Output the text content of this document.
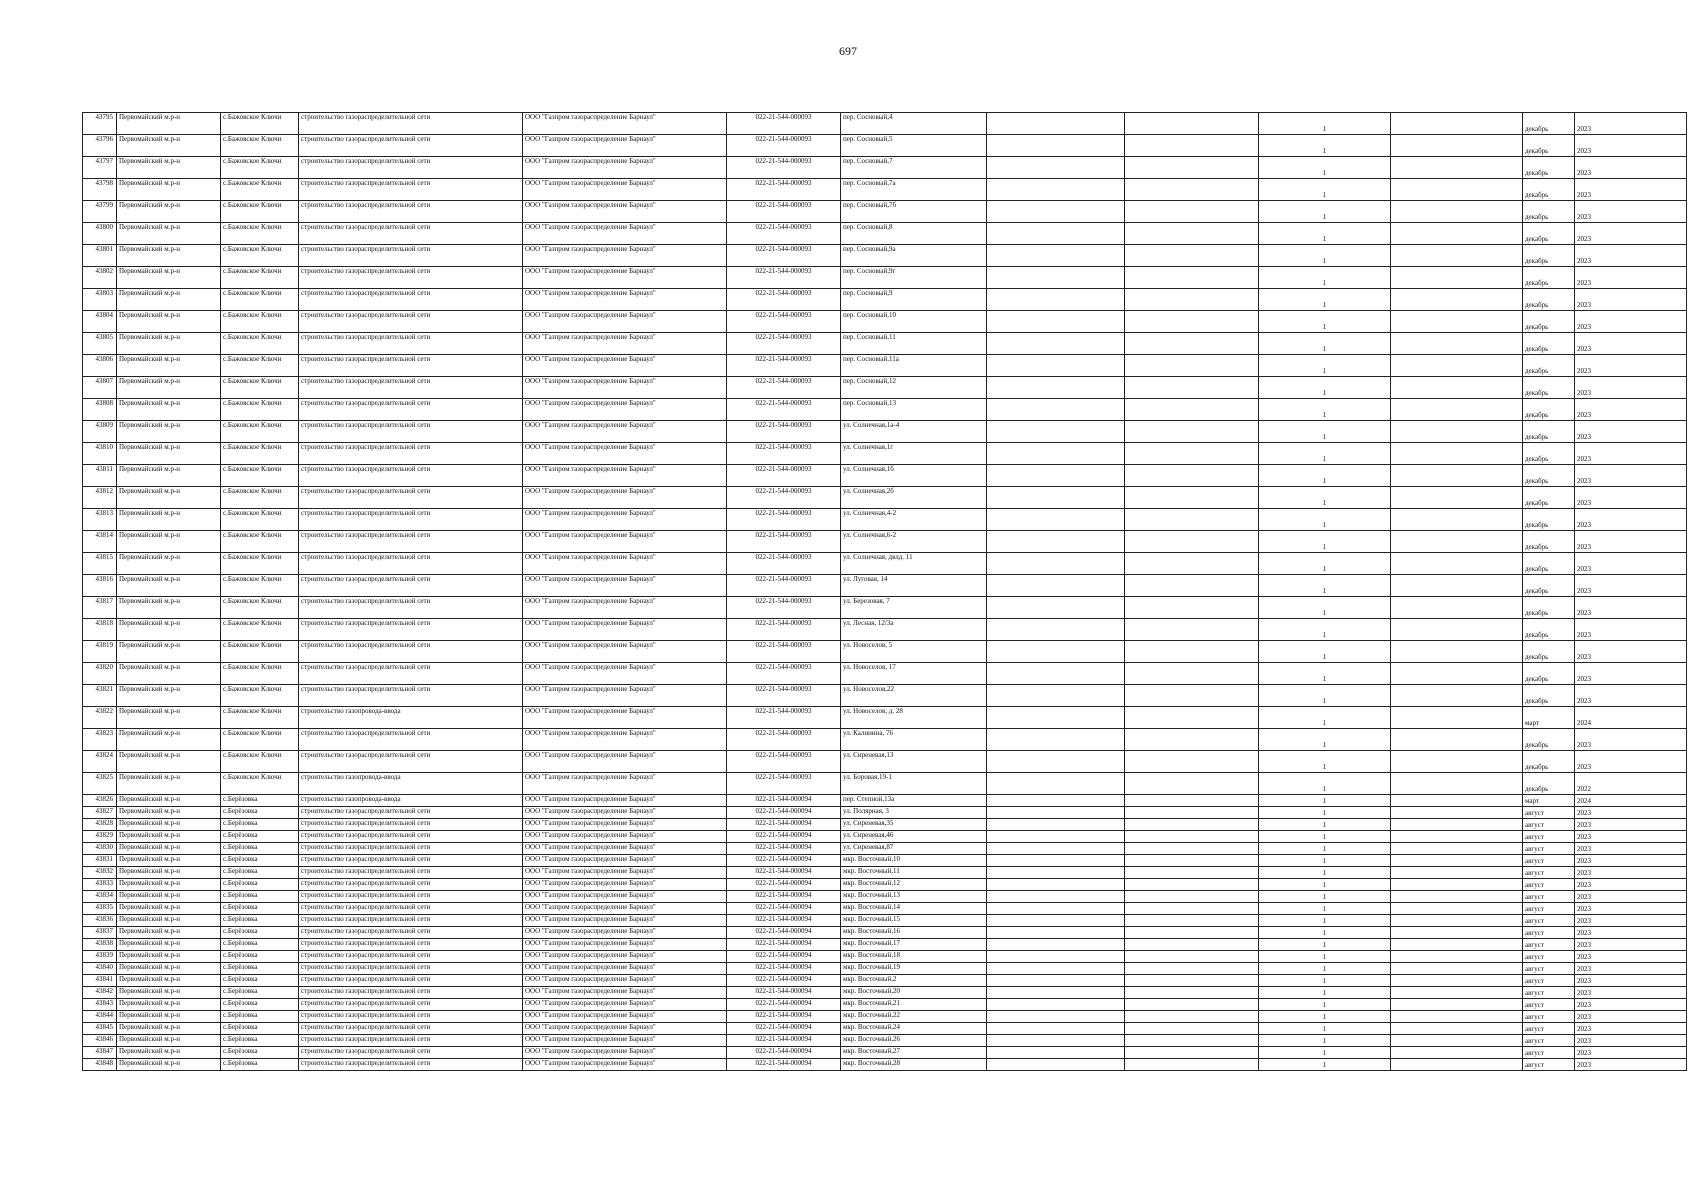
697
43795	Первомайский м.р-н	с.Бажовское Ключи	строительство газораспределительной сети	ООО "Газпром газораспределение Барнаул"	022-21-544-000093	пер. Сосновый,4			1		декабрь	2023
43796	Первомайский м.р-н	с.Бажовское Ключи	строительство газораспределительной сети	ООО "Газпром газораспределение Барнаул"	022-21-544-000093	пер. Сосновый,5			1		декабрь	2023
43797	Первомайский м.р-н	с.Бажовское Ключи	строительство газораспределительной сети	ООО "Газпром газораспределение Барнаул"	022-21-544-000093	пер. Сосновый,7			1		декабрь	2023
43798	Первомайский м.р-н	с.Бажовское Ключи	строительство газораспределительной сети	ООО "Газпром газораспределение Барнаул"	022-21-544-000093	пер. Сосновый,7а			1		декабрь	2023
43799	Первомайский м.р-н	с.Бажовское Ключи	строительство газораспределительной сети	ООО "Газпром газораспределение Барнаул"	022-21-544-000093	пер. Сосновый,7б			1		декабрь	2023
43800	Первомайский м.р-н	с.Бажовское Ключи	строительство газораспределительной сети	ООО "Газпром газораспределение Барнаул"	022-21-544-000093	пер. Сосновый,8			1		декабрь	2023
43801	Первомайский м.р-н	с.Бажовское Ключи	строительство газораспределительной сети	ООО "Газпром газораспределение Барнаул"	022-21-544-000093	пер. Сосновый,9а			1		декабрь	2023
43802	Первомайский м.р-н	с.Бажовское Ключи	строительство газораспределительной сети	ООО "Газпром газораспределение Барнаул"	022-21-544-000093	пер. Сосновый,9г			1		декабрь	2023
43803	Первомайский м.р-н	с.Бажовское Ключи	строительство газораспределительной сети	ООО "Газпром газораспределение Барнаул"	022-21-544-000093	пер. Сосновый,9			1		декабрь	2023
43804	Первомайский м.р-н	с.Бажовское Ключи	строительство газораспределительной сети	ООО "Газпром газораспределение Барнаул"	022-21-544-000093	пер. Сосновый,10			1		декабрь	2023
43805	Первомайский м.р-н	с.Бажовское Ключи	строительство газораспределительной сети	ООО "Газпром газораспределение Барнаул"	022-21-544-000093	пер. Сосновый,11			1		декабрь	2023
43806	Первомайский м.р-н	с.Бажовское Ключи	строительство газораспределительной сети	ООО "Газпром газораспределение Барнаул"	022-21-544-000093	пер. Сосновый,11а			1		декабрь	2023
43807	Первомайский м.р-н	с.Бажовское Ключи	строительство газораспределительной сети	ООО "Газпром газораспределение Барнаул"	022-21-544-000093	пер. Сосновый,12			1		декабрь	2023
43808	Первомайский м.р-н	с.Бажовское Ключи	строительство газораспределительной сети	ООО "Газпром газораспределение Барнаул"	022-21-544-000093	пер. Сосновый,13			1		декабрь	2023
43809	Первомайский м.р-н	с.Бажовское Ключи	строительство газораспределительной сети	ООО "Газпром газораспределение Барнаул"	022-21-544-000093	ул. Солнечная,1а-4			1		декабрь	2023
43810	Первомайский м.р-н	с.Бажовское Ключи	строительство газораспределительной сети	ООО "Газпром газораспределение Барнаул"	022-21-544-000093	ул. Солнечная,1г			1		декабрь	2023
43811	Первомайский м.р-н	с.Бажовское Ключи	строительство газораспределительной сети	ООО "Газпром газораспределение Барнаул"	022-21-544-000093	ул. Солнечная,1б			1		декабрь	2023
43812	Первомайский м.р-н	с.Бажовское Ключи	строительство газораспределительной сети	ООО "Газпром газораспределение Барнаул"	022-21-544-000093	ул. Солнечная,2б			1		декабрь	2023
43813	Первомайский м.р-н	с.Бажовское Ключи	строительство газораспределительной сети	ООО "Газпром газораспределение Барнаул"	022-21-544-000093	ул. Солнечная,4-2			1		декабрь	2023
43814	Первомайский м.р-н	с.Бажовское Ключи	строительство газораспределительной сети	ООО "Газпром газораспределение Барнаул"	022-21-544-000093	ул. Солнечная,6-2			1		декабрь	2023
43815	Первомайский м.р-н	с.Бажовское Ключи	строительство газораспределительной сети	ООО "Газпром газораспределение Барнаул"	022-21-544-000093	ул. Солнечная, двлд. 11			1		декабрь	2023
43816	Первомайский м.р-н	с.Бажовское Ключи	строительство газораспределительной сети	ООО "Газпром газораспределение Барнаул"	022-21-544-000093	ул. Луговая, 14			1		декабрь	2023
43817	Первомайский м.р-н	с.Бажовское Ключи	строительство газораспределительной сети	ООО "Газпром газораспределение Барнаул"	022-21-544-000093	ул. Березовая, 7			1		декабрь	2023
43818	Первомайский м.р-н	с.Бажовское Ключи	строительство газораспределительной сети	ООО "Газпром газораспределение Барнаул"	022-21-544-000093	ул. Лесная, 12/3а			1		декабрь	2023
43819	Первомайский м.р-н	с.Бажовское Ключи	строительство газораспределительной сети	ООО "Газпром газораспределение Барнаул"	022-21-544-000093	ул. Новоселов, 5			1		декабрь	2023
43820	Первомайский м.р-н	с.Бажовское Ключи	строительство газораспределительной сети	ООО "Газпром газораспределение Барнаул"	022-21-544-000093	ул. Новоселов, 17			1		декабрь	2023
43821	Первомайский м.р-н	с.Бажовское Ключи	строительство газораспределительной сети	ООО "Газпром газораспределение Барнаул"	022-21-544-000093	ул. Новоселов,22			1		декабрь	2023
43822	Первомайский м.р-н	с.Бажовское Ключи	строительство газопровода-ввода	ООО "Газпром газораспределение Барнаул"	022-21-544-000093	ул. Новоселов, д. 28			1		март	2024
43823	Первомайский м.р-н	с.Бажовское Ключи	строительство газораспределительной сети	ООО "Газпром газораспределение Барнаул"	022-21-544-000093	ул. Калинина, 76			1		декабрь	2023
43824	Первомайский м.р-н	с.Бажовское Ключи	строительство газораспределительной сети	ООО "Газпром газораспределение Барнаул"	022-21-544-000093	ул. Сиреневая,13			1		декабрь	2023
43825	Первомайский м.р-н	с.Бажовское Ключи	строительство газопровода-ввода	ООО "Газпром газораспределение Барнаул"	022-21-544-000093	ул. Боровая,19-1			1		декабрь	2022
43826	Первомайский м.р-н	с.Берёзовка	строительство газопровода-ввода	ООО "Газпром газораспределение Барнаул"	022-21-544-000094	пер. Степной,13а			1		март	2024
43827	Первомайский м.р-н	с.Берёзовка	строительство газораспределительной сети	ООО "Газпром газораспределение Барнаул"	022-21-544-000094	ул. Полярная, 3			1		август	2023
43828	Первомайский м.р-н	с.Берёзовка	строительство газораспределительной сети	ООО "Газпром газораспределение Барнаул"	022-21-544-000094	ул. Сиреневая,35			1		август	2023
43829	Первомайский м.р-н	с.Берёзовка	строительство газораспределительной сети	ООО "Газпром газораспределение Барнаул"	022-21-544-000094	ул. Сиреневая,46			1		август	2023
43830	Первомайский м.р-н	с.Берёзовка	строительство газораспределительной сети	ООО "Газпром газораспределение Барнаул"	022-21-544-000094	ул. Сиреневая,87			1		август	2023
43831	Первомайский м.р-н	с.Берёзовка	строительство газораспределительной сети	ООО "Газпром газораспределение Барнаул"	022-21-544-000094	мкр. Восточный,10			1		август	2023
43832	Первомайский м.р-н	с.Берёзовка	строительство газораспределительной сети	ООО "Газпром газораспределение Барнаул"	022-21-544-000094	мкр. Восточный,11			1		август	2023
43833	Первомайский м.р-н	с.Берёзовка	строительство газораспределительной сети	ООО "Газпром газораспределение Барнаул"	022-21-544-000094	мкр. Восточный,12			1		август	2023
43834	Первомайский м.р-н	с.Берёзовка	строительство газораспределительной сети	ООО "Газпром газораспределение Барнаул"	022-21-544-000094	мкр. Восточный,13			1		август	2023
43835	Первомайский м.р-н	с.Берёзовка	строительство газораспределительной сети	ООО "Газпром газораспределение Барнаул"	022-21-544-000094	мкр. Восточный,14			1		август	2023
43836	Первомайский м.р-н	с.Берёзовка	строительство газораспределительной сети	ООО "Газпром газораспределение Барнаул"	022-21-544-000094	мкр. Восточный,15			1		август	2023
43837	Первомайский м.р-н	с.Берёзовка	строительство газораспределительной сети	ООО "Газпром газораспределение Барнаул"	022-21-544-000094	мкр. Восточный,16			1		август	2023
43838	Первомайский м.р-н	с.Берёзовка	строительство газораспределительной сети	ООО "Газпром газораспределение Барнаул"	022-21-544-000094	мкр. Восточный,17			1		август	2023
43839	Первомайский м.р-н	с.Берёзовка	строительство газораспределительной сети	ООО "Газпром газораспределение Барнаул"	022-21-544-000094	мкр. Восточный,18			1		август	2023
43840	Первомайский м.р-н	с.Берёзовка	строительство газораспределительной сети	ООО "Газпром газораспределение Барнаул"	022-21-544-000094	мкр. Восточный,19			1		август	2023
43841	Первомайский м.р-н	с.Берёзовка	строительство газораспределительной сети	ООО "Газпром газораспределение Барнаул"	022-21-544-000094	мкр. Восточный,2			1		август	2023
43842	Первомайский м.р-н	с.Берёзовка	строительство газораспределительной сети	ООО "Газпром газораспределение Барнаул"	022-21-544-000094	мкр. Восточный,20			1		август	2023
43843	Первомайский м.р-н	с.Берёзовка	строительство газораспределительной сети	ООО "Газпром газораспределение Барнаул"	022-21-544-000094	мкр. Восточный,21			1		август	2023
43844	Первомайский м.р-н	с.Берёзовка	строительство газораспределительной сети	ООО "Газпром газораспределение Барнаул"	022-21-544-000094	мкр. Восточный,22			1		август	2023
43845	Первомайский м.р-н	с.Берёзовка	строительство газораспределительной сети	ООО "Газпром газораспределение Барнаул"	022-21-544-000094	мкр. Восточный,24			1		август	2023
43846	Первомайский м.р-н	с.Берёзовка	строительство газораспределительной сети	ООО "Газпром газораспределение Барнаул"	022-21-544-000094	мкр. Восточный,26			1		август	2023
43847	Первомайский м.р-н	с.Берёзовка	строительство газораспределительной сети	ООО "Газпром газораспределение Барнаул"	022-21-544-000094	мкр. Восточный,27			1		август	2023
43848	Первомайский м.р-н	с.Берёзовка	строительство газораспределительной сети	ООО "Газпром газораспределение Барнаул"	022-21-544-000094	мкр. Восточный,28			1		август	2023
